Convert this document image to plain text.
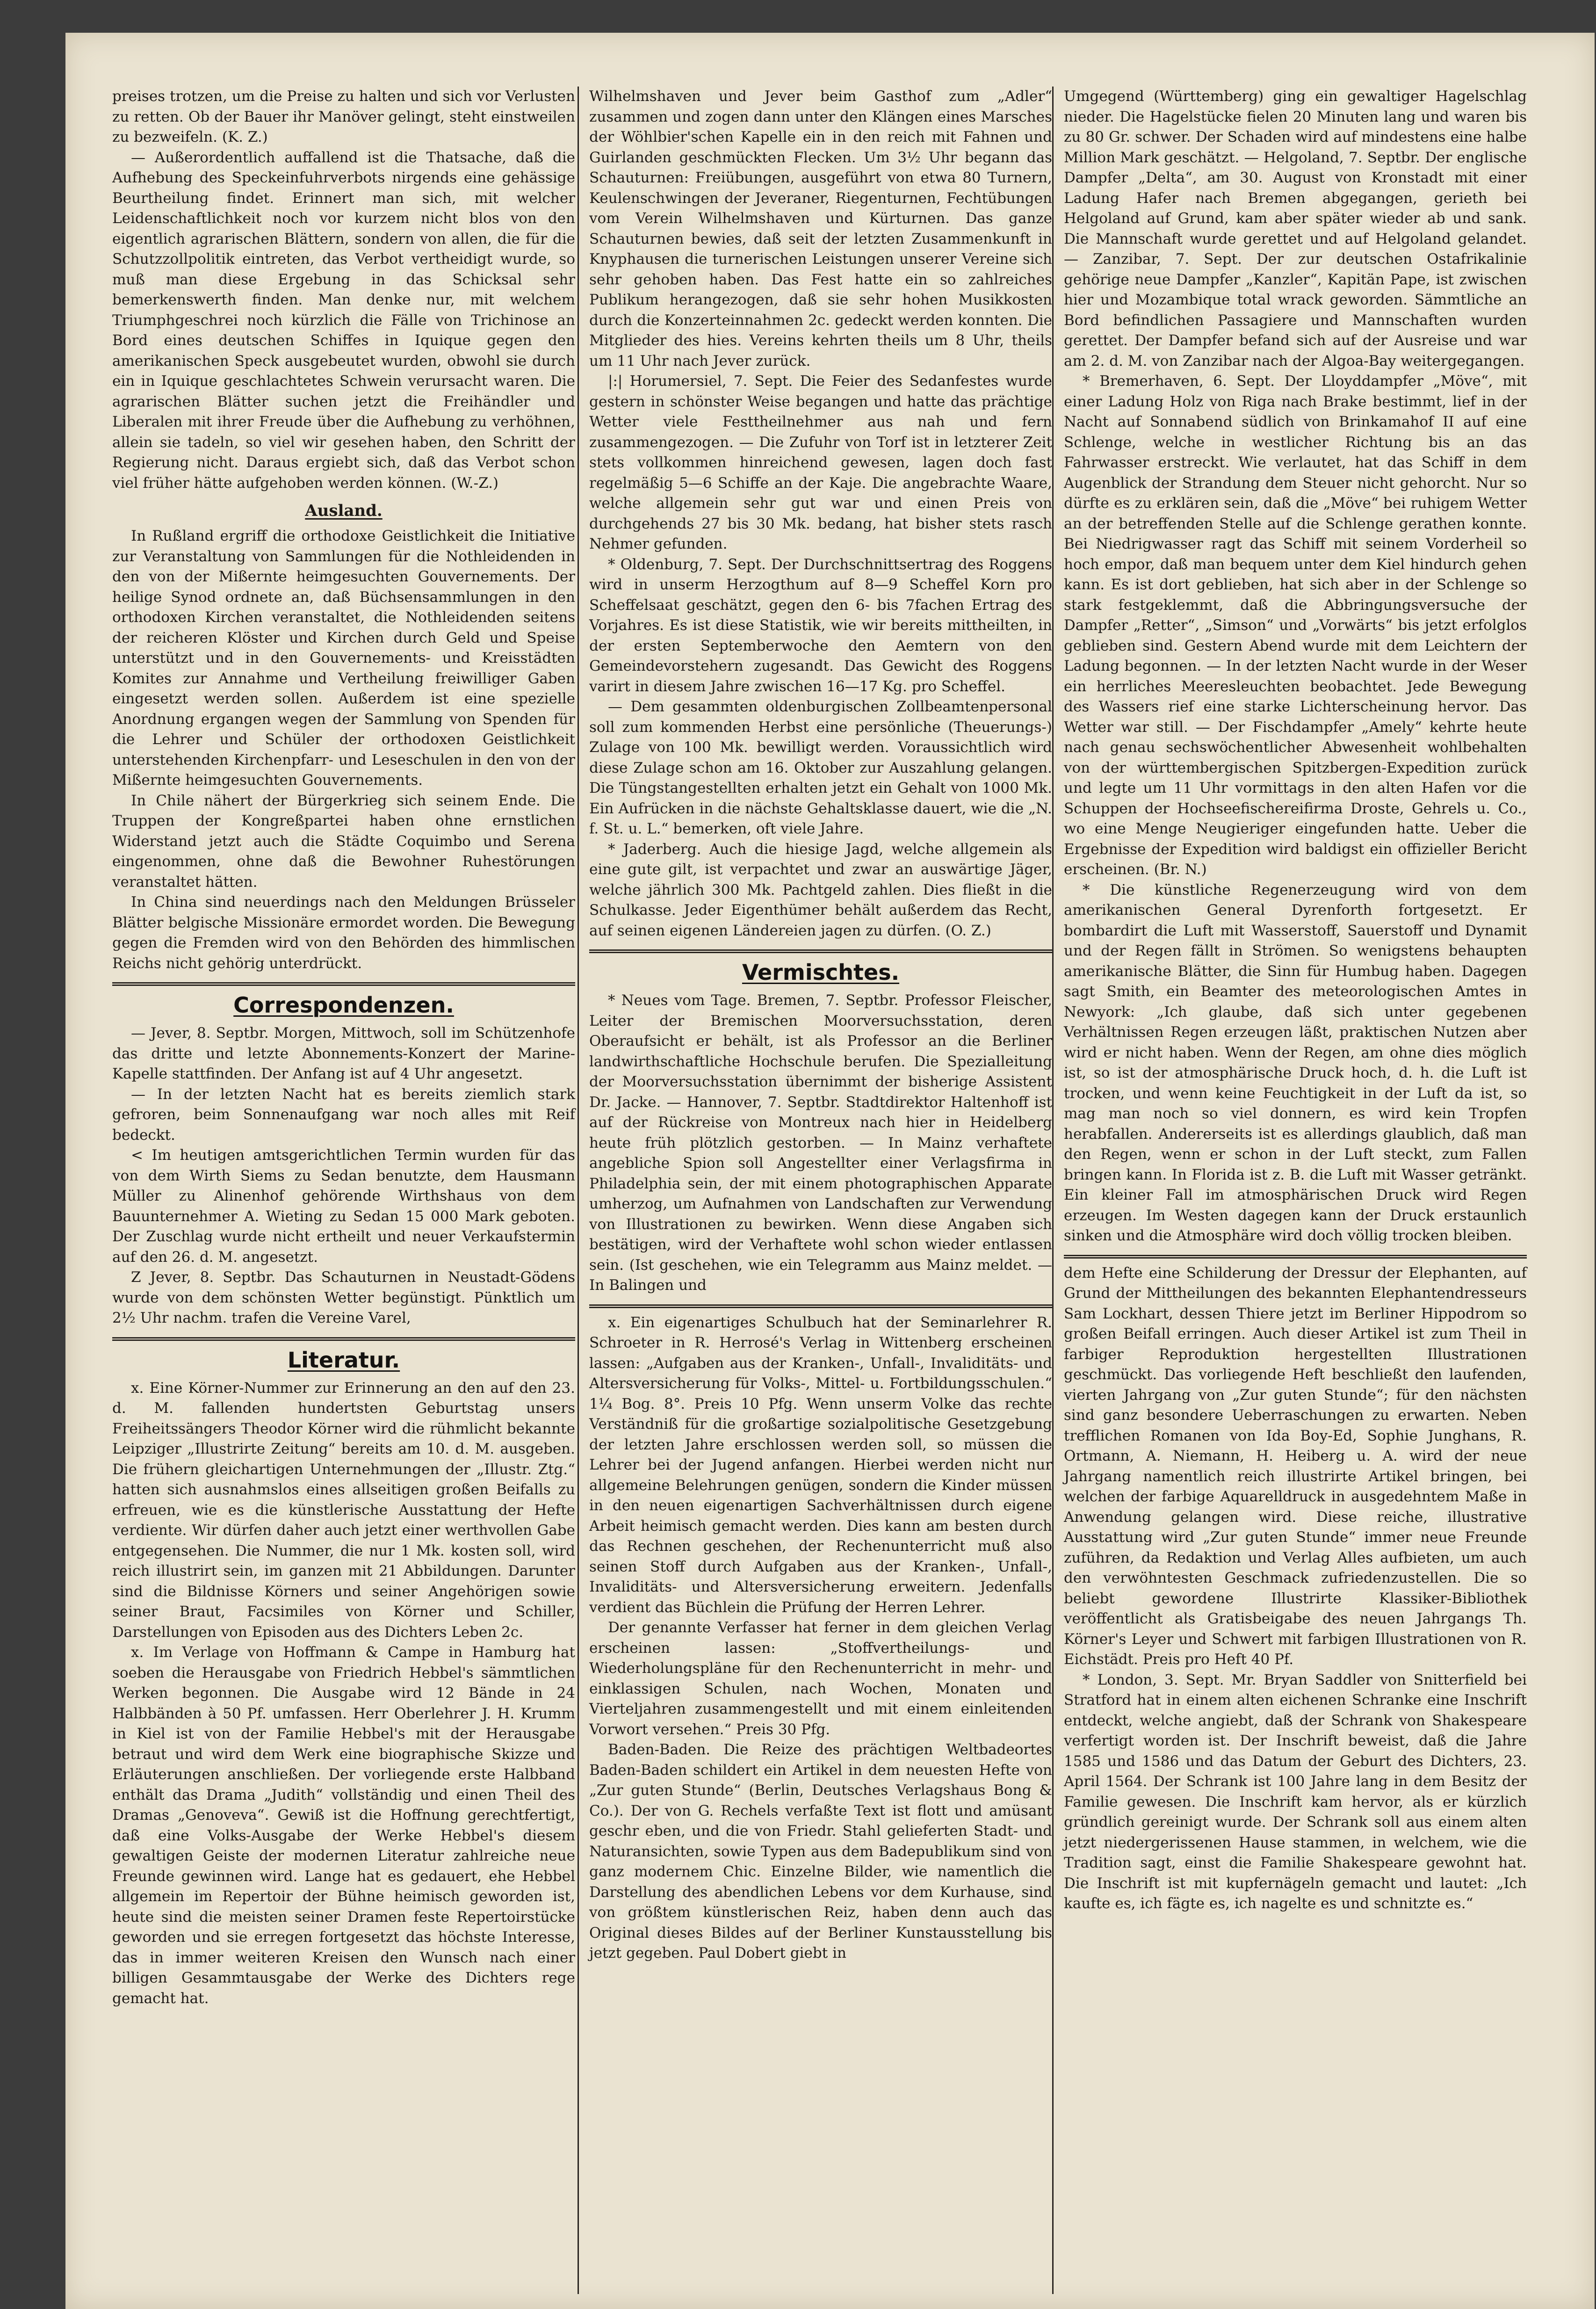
preises trotzen, um die Preise zu halten und sich vor Verlusten zu retten. Ob der Bauer ihr Manöver gelingt, steht einstweilen zu bezweifeln. (K. Z.)

— Außerordentlich auffallend ist die Thatsache, daß die Aufhebung des Speckeinfuhrverbots nirgends eine gehässige Beurtheilung findet. Erinnert man sich, mit welcher Leidenschaftlichkeit noch vor kurzem nicht blos von den eigentlich agrarischen Blättern, sondern von allen, die für die Schutzzollpolitik eintreten, das Verbot vertheidigt wurde, so muß man diese Ergebung in das Schicksal sehr bemerkenswerth finden. Man denke nur, mit welchem Triumphgeschrei noch kürzlich die Fälle von Trichinose an Bord eines deutschen Schiffes in Iquique gegen den amerikanischen Speck ausgebeutet wurden, obwohl sie durch ein in Iquique geschlachtetes Schwein verursacht waren. Die agrarischen Blätter suchen jetzt die Freihändler und Liberalen mit ihrer Freude über die Aufhebung zu verhöhnen, allein sie tadeln, so viel wir gesehen haben, den Schritt der Regierung nicht. Daraus ergiebt sich, daß das Verbot schon viel früher hätte aufgehoben werden können. (W.-Z.)

Ausland.

In Rußland ergriff die orthodoxe Geistlichkeit die Initiative zur Veranstaltung von Sammlungen für die Nothleidenden in den von der Mißernte heimgesuchten Gouvernements. Der heilige Synod ordnete an, daß Büchsensammlungen in den orthodoxen Kirchen veranstaltet, die Nothleidenden seitens der reicheren Klöster und Kirchen durch Geld und Speise unterstützt und in den Gouvernements- und Kreisstädten Komites zur Annahme und Vertheilung freiwilliger Gaben eingesetzt werden sollen. Außerdem ist eine spezielle Anordnung ergangen wegen der Sammlung von Spenden für die Lehrer und Schüler der orthodoxen Geistlichkeit unterstehenden Kirchenpfarr- und Leseschulen in den von der Mißernte heimgesuchten Gouvernements.

In Chile nähert der Bürgerkrieg sich seinem Ende. Die Truppen der Kongreßpartei haben ohne ernstlichen Widerstand jetzt auch die Städte Coquimbo und Serena eingenommen, ohne daß die Bewohner Ruhestörungen veranstaltet hätten.

In China sind neuerdings nach den Meldungen Brüsseler Blätter belgische Missionäre ermordet worden. Die Bewegung gegen die Fremden wird von den Behörden des himmlischen Reichs nicht gehörig unterdrückt.

Correspondenzen.

— Jever, 8. Septbr. Morgen, Mittwoch, soll im Schützenhofe das dritte und letzte Abonnements-Konzert der Marine-Kapelle stattfinden. Der Anfang ist auf 4 Uhr angesetzt.

— In der letzten Nacht hat es bereits ziemlich stark gefroren, beim Sonnenaufgang war noch alles mit Reif bedeckt.

< Im heutigen amtsgerichtlichen Termin wurden für das von dem Wirth Siems zu Sedan benutzte, dem Hausmann Müller zu Alinenhof gehörende Wirthshaus von dem Bauunternehmer A. Wieting zu Sedan 15 000 Mark geboten. Der Zuschlag wurde nicht ertheilt und neuer Verkaufstermin auf den 26. d. M. angesetzt.

Z Jever, 8. Septbr. Das Schauturnen in Neustadt-Gödens wurde von dem schönsten Wetter begünstigt. Pünktlich um 2½ Uhr nachm. trafen die Vereine Varel,

Literatur.

x. Eine Körner-Nummer zur Erinnerung an den auf den 23. d. M. fallenden hundertsten Geburtstag unsers Freiheitssängers Theodor Körner wird die rühmlicht bekannte Leipziger „Illustrirte Zeitung“ bereits am 10. d. M. ausgeben. Die frühern gleichartigen Unternehmungen der „Illustr. Ztg.“ hatten sich ausnahmslos eines allseitigen großen Beifalls zu erfreuen, wie es die künstlerische Ausstattung der Hefte verdiente. Wir dürfen daher auch jetzt einer werthvollen Gabe entgegensehen. Die Nummer, die nur 1 Mk. kosten soll, wird reich illustrirt sein, im ganzen mit 21 Abbildungen. Darunter sind die Bildnisse Körners und seiner Angehörigen sowie seiner Braut, Facsimiles von Körner und Schiller, Darstellungen von Episoden aus des Dichters Leben 2c.

x. Im Verlage von Hoffmann & Campe in Hamburg hat soeben die Herausgabe von Friedrich Hebbel's sämmtlichen Werken begonnen. Die Ausgabe wird 12 Bände in 24 Halbbänden à 50 Pf. umfassen. Herr Oberlehrer J. H. Krumm in Kiel ist von der Familie Hebbel's mit der Herausgabe betraut und wird dem Werk eine biographische Skizze und Erläuterungen anschließen. Der vorliegende erste Halbband enthält das Drama „Judith“ vollständig und einen Theil des Dramas „Genoveva“. Gewiß ist die Hoffnung gerechtfertigt, daß eine Volks-Ausgabe der Werke Hebbel's diesem gewaltigen Geiste der modernen Literatur zahlreiche neue Freunde gewinnen wird. Lange hat es gedauert, ehe Hebbel allgemein im Repertoir der Bühne heimisch geworden ist, heute sind die meisten seiner Dramen feste Repertoirstücke geworden und sie erregen fortgesetzt das höchste Interesse, das in immer weiteren Kreisen den Wunsch nach einer billigen Gesammtausgabe der Werke des Dichters rege gemacht hat.

Wilhelmshaven und Jever beim Gasthof zum „Adler“ zusammen und zogen dann unter den Klängen eines Marsches der Wöhlbier'schen Kapelle ein in den reich mit Fahnen und Guirlanden geschmückten Flecken. Um 3½ Uhr begann das Schauturnen: Freiübungen, ausgeführt von etwa 80 Turnern, Keulenschwingen der Jeveraner, Riegenturnen, Fechtübungen vom Verein Wilhelmshaven und Kürturnen. Das ganze Schauturnen bewies, daß seit der letzten Zusammenkunft in Knyphausen die turnerischen Leistungen unserer Vereine sich sehr gehoben haben. Das Fest hatte ein so zahlreiches Publikum herangezogen, daß sie sehr hohen Musikkosten durch die Konzerteinnahmen 2c. gedeckt werden konnten. Die Mitglieder des hies. Vereins kehrten theils um 8 Uhr, theils um 11 Uhr nach Jever zurück.

|:| Horumersiel, 7. Sept. Die Feier des Sedanfestes wurde gestern in schönster Weise begangen und hatte das prächtige Wetter viele Festtheilnehmer aus nah und fern zusammengezogen. — Die Zufuhr von Torf ist in letzterer Zeit stets vollkommen hinreichend gewesen, lagen doch fast regelmäßig 5—6 Schiffe an der Kaje. Die angebrachte Waare, welche allgemein sehr gut war und einen Preis von durchgehends 27 bis 30 Mk. bedang, hat bisher stets rasch Nehmer gefunden.

* Oldenburg, 7. Sept. Der Durchschnittsertrag des Roggens wird in unserm Herzogthum auf 8—9 Scheffel Korn pro Scheffelsaat geschätzt, gegen den 6- bis 7fachen Ertrag des Vorjahres. Es ist diese Statistik, wie wir bereits mittheilten, in der ersten Septemberwoche den Aemtern von den Gemeindevorstehern zugesandt. Das Gewicht des Roggens varirt in diesem Jahre zwischen 16—17 Kg. pro Scheffel.

— Dem gesammten oldenburgischen Zollbeamtenpersonal soll zum kommenden Herbst eine persönliche (Theuerungs-) Zulage von 100 Mk. bewilligt werden. Voraussichtlich wird diese Zulage schon am 16. Oktober zur Auszahlung gelangen. Die Tüngstangestellten erhalten jetzt ein Gehalt von 1000 Mk. Ein Aufrücken in die nächste Gehaltsklasse dauert, wie die „N. f. St. u. L.“ bemerken, oft viele Jahre.

* Jaderberg. Auch die hiesige Jagd, welche allgemein als eine gute gilt, ist verpachtet und zwar an auswärtige Jäger, welche jährlich 300 Mk. Pachtgeld zahlen. Dies fließt in die Schulkasse. Jeder Eigenthümer behält außerdem das Recht, auf seinen eigenen Ländereien jagen zu dürfen. (O. Z.)

Vermischtes.

* Neues vom Tage. Bremen, 7. Septbr. Professor Fleischer, Leiter der Bremischen Moorversuchsstation, deren Oberaufsicht er behält, ist als Professor an die Berliner landwirthschaftliche Hochschule berufen. Die Spezialleitung der Moorversuchsstation übernimmt der bisherige Assistent Dr. Jacke. — Hannover, 7. Septbr. Stadtdirektor Haltenhoff ist auf der Rückreise von Montreux nach hier in Heidelberg heute früh plötzlich gestorben. — In Mainz verhaftete angebliche Spion soll Angestellter einer Verlagsfirma in Philadelphia sein, der mit einem photographischen Apparate umherzog, um Aufnahmen von Landschaften zur Verwendung von Illustrationen zu bewirken. Wenn diese Angaben sich bestätigen, wird der Verhaftete wohl schon wieder entlassen sein. (Ist geschehen, wie ein Telegramm aus Mainz meldet. — In Balingen und

x. Ein eigenartiges Schulbuch hat der Seminarlehrer R. Schroeter in R. Herrosé's Verlag in Wittenberg erscheinen lassen: „Aufgaben aus der Kranken-, Unfall-, Invaliditäts- und Altersversicherung für Volks-, Mittel- u. Fortbildungsschulen.“ 1¼ Bog. 8°. Preis 10 Pfg. Wenn unserm Volke das rechte Verständniß für die großartige sozialpolitische Gesetzgebung der letzten Jahre erschlossen werden soll, so müssen die Lehrer bei der Jugend anfangen. Hierbei werden nicht nur allgemeine Belehrungen genügen, sondern die Kinder müssen in den neuen eigenartigen Sachverhältnissen durch eigene Arbeit heimisch gemacht werden. Dies kann am besten durch das Rechnen geschehen, der Rechenunterricht muß also seinen Stoff durch Aufgaben aus der Kranken-, Unfall-, Invaliditäts- und Altersversicherung erweitern. Jedenfalls verdient das Büchlein die Prüfung der Herren Lehrer.

Der genannte Verfasser hat ferner in dem gleichen Verlag erscheinen lassen: „Stoffvertheilungs- und Wiederholungspläne für den Rechenunterricht in mehr- und einklassigen Schulen, nach Wochen, Monaten und Vierteljahren zusammengestellt und mit einem einleitenden Vorwort versehen.“ Preis 30 Pfg.

Baden-Baden. Die Reize des prächtigen Weltbadeortes Baden-Baden schildert ein Artikel in dem neuesten Hefte von „Zur guten Stunde“ (Berlin, Deutsches Verlagshaus Bong & Co.). Der von G. Rechels verfaßte Text ist flott und amüsant geschr eben, und die von Friedr. Stahl gelieferten Stadt- und Naturansichten, sowie Typen aus dem Badepublikum sind von ganz modernem Chic. Einzelne Bilder, wie namentlich die Darstellung des abendlichen Lebens vor dem Kurhause, sind von größtem künstlerischen Reiz, haben denn auch das Original dieses Bildes auf der Berliner Kunstausstellung bis jetzt gegeben. Paul Dobert giebt in

Umgegend (Württemberg) ging ein gewaltiger Hagelschlag nieder. Die Hagelstücke fielen 20 Minuten lang und waren bis zu 80 Gr. schwer. Der Schaden wird auf mindestens eine halbe Million Mark geschätzt. — Helgoland, 7. Septbr. Der englische Dampfer „Delta“, am 30. August von Kronstadt mit einer Ladung Hafer nach Bremen abgegangen, gerieth bei Helgoland auf Grund, kam aber später wieder ab und sank. Die Mannschaft wurde gerettet und auf Helgoland gelandet. — Zanzibar, 7. Sept. Der zur deutschen Ostafrikalinie gehörige neue Dampfer „Kanzler“, Kapitän Pape, ist zwischen hier und Mozambique total wrack geworden. Sämmtliche an Bord befindlichen Passagiere und Mannschaften wurden gerettet. Der Dampfer befand sich auf der Ausreise und war am 2. d. M. von Zanzibar nach der Algoa-Bay weitergegangen.

* Bremerhaven, 6. Sept. Der Lloyddampfer „Möve“, mit einer Ladung Holz von Riga nach Brake bestimmt, lief in der Nacht auf Sonnabend südlich von Brinkamahof II auf eine Schlenge, welche in westlicher Richtung bis an das Fahrwasser erstreckt. Wie verlautet, hat das Schiff in dem Augenblick der Strandung dem Steuer nicht gehorcht. Nur so dürfte es zu erklären sein, daß die „Möve“ bei ruhigem Wetter an der betreffenden Stelle auf die Schlenge gerathen konnte. Bei Niedrigwasser ragt das Schiff mit seinem Vorderheil so hoch empor, daß man bequem unter dem Kiel hindurch gehen kann. Es ist dort geblieben, hat sich aber in der Schlenge so stark festgeklemmt, daß die Abbringungsversuche der Dampfer „Retter“, „Simson“ und „Vorwärts“ bis jetzt erfolglos geblieben sind. Gestern Abend wurde mit dem Leichtern der Ladung begonnen. — In der letzten Nacht wurde in der Weser ein herrliches Meeresleuchten beobachtet. Jede Bewegung des Wassers rief eine starke Lichterscheinung hervor. Das Wetter war still. — Der Fischdampfer „Amely“ kehrte heute nach genau sechswöchentlicher Abwesenheit wohlbehalten von der württembergischen Spitzbergen-Expedition zurück und legte um 11 Uhr vormittags in den alten Hafen vor die Schuppen der Hochseefischereifirma Droste, Gehrels u. Co., wo eine Menge Neugieriger eingefunden hatte. Ueber die Ergebnisse der Expedition wird baldigst ein offizieller Bericht erscheinen. (Br. N.)

* Die künstliche Regenerzeugung wird von dem amerikanischen General Dyrenforth fortgesetzt. Er bombardirt die Luft mit Wasserstoff, Sauerstoff und Dynamit und der Regen fällt in Strömen. So wenigstens behaupten amerikanische Blätter, die Sinn für Humbug haben. Dagegen sagt Smith, ein Beamter des meteorologischen Amtes in Newyork: „Ich glaube, daß sich unter gegebenen Verhältnissen Regen erzeugen läßt, praktischen Nutzen aber wird er nicht haben. Wenn der Regen, am ohne dies möglich ist, so ist der atmosphärische Druck hoch, d. h. die Luft ist trocken, und wenn keine Feuchtigkeit in der Luft da ist, so mag man noch so viel donnern, es wird kein Tropfen herabfallen. Andererseits ist es allerdings glaublich, daß man den Regen, wenn er schon in der Luft steckt, zum Fallen bringen kann. In Florida ist z. B. die Luft mit Wasser getränkt. Ein kleiner Fall im atmosphärischen Druck wird Regen erzeugen. Im Westen dagegen kann der Druck erstaunlich sinken und die Atmosphäre wird doch völlig trocken bleiben.

dem Hefte eine Schilderung der Dressur der Elephanten, auf Grund der Mittheilungen des bekannten Elephantendresseurs Sam Lockhart, dessen Thiere jetzt im Berliner Hippodrom so großen Beifall erringen. Auch dieser Artikel ist zum Theil in farbiger Reproduktion hergestellten Illustrationen geschmückt. Das vorliegende Heft beschließt den laufenden, vierten Jahrgang von „Zur guten Stunde“; für den nächsten sind ganz besondere Ueberraschungen zu erwarten. Neben trefflichen Romanen von Ida Boy-Ed, Sophie Junghans, R. Ortmann, A. Niemann, H. Heiberg u. A. wird der neue Jahrgang namentlich reich illustrirte Artikel bringen, bei welchen der farbige Aquarelldruck in ausgedehntem Maße in Anwendung gelangen wird. Diese reiche, illustrative Ausstattung wird „Zur guten Stunde“ immer neue Freunde zuführen, da Redaktion und Verlag Alles aufbieten, um auch den verwöhntesten Geschmack zufriedenzustellen. Die so beliebt gewordene Illustrirte Klassiker-Bibliothek veröffentlicht als Gratisbeigabe des neuen Jahrgangs Th. Körner's Leyer und Schwert mit farbigen Illustrationen von R. Eichstädt. Preis pro Heft 40 Pf.

* London, 3. Sept. Mr. Bryan Saddler von Snitterfield bei Stratford hat in einem alten eichenen Schranke eine Inschrift entdeckt, welche angiebt, daß der Schrank von Shakespeare verfertigt worden ist. Der Inschrift beweist, daß die Jahre 1585 und 1586 und das Datum der Geburt des Dichters, 23. April 1564. Der Schrank ist 100 Jahre lang in dem Besitz der Familie gewesen. Die Inschrift kam hervor, als er kürzlich gründlich gereinigt wurde. Der Schrank soll aus einem alten jetzt niedergerissenen Hause stammen, in welchem, wie die Tradition sagt, einst die Familie Shakespeare gewohnt hat. Die Inschrift ist mit kupfernägeln gemacht und lautet: „Ich kaufte es, ich fägte es, ich nagelte es und schnitzte es.“
